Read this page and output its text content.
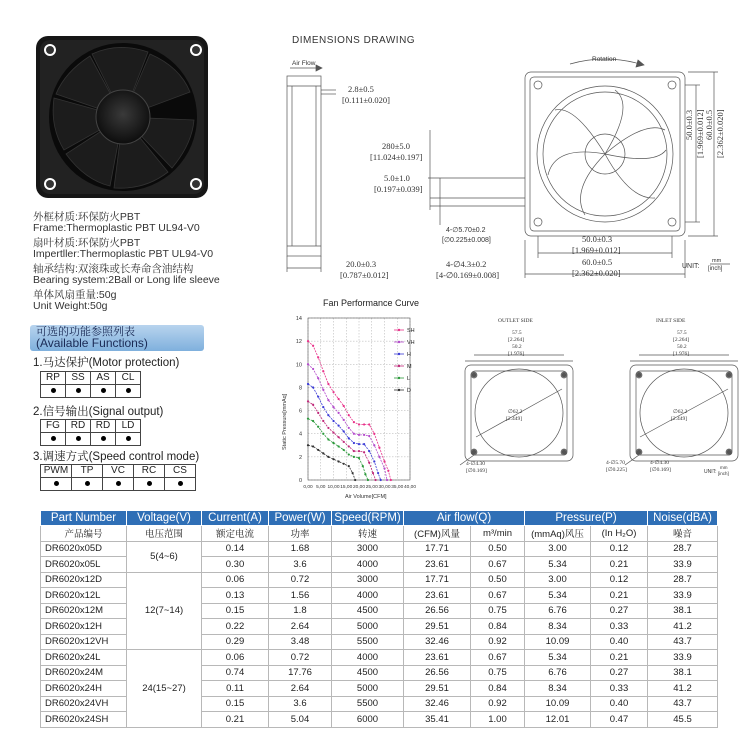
外框材质:环保防火PBT
Frame:Thermoplastic PBT UL94-V0
扇叶材质:环保防火PBT
Impertller:Thermoplastic PBT UL94-V0
轴承结构:双滚珠或长寿命含油结构
Bearing system:2Ball or Long life sleeve
单体风扇重量:50g
Unit Weight:50g
可选的功能参照列表
(Available Functions)
1.马达保护(Motor protection)
RP	SS	AS	CL

2.信号输出(Signal output)
FG	RD	RD	LD

3.调速方式(Speed control mode)
PWM	TP	VC	RC	CS

DIMENSIONS DRAWING
Air Flow
Rotation
2.8±0.5
[0.111±0.020]
280±5.0
[11.024±0.197]
5.0±1.0
[0.197±0.039]
20.0±0.3
[0.787±0.012]
4-∅5.70±0.2
[∅0.225±0.008]
4-∅4.3±0.2
[4-∅0.169±0.008]
50.0±0.3
[1.969±0.012]
60.0±0.5
[2.362±0.020]
50.0±0.3 [1.969±0.012] 60.0±0.5 [2.362±0.020]
UNIT:
mm
[inch]
Fan Performance Curve
0,00 5,00 10,00 15,00 20,00 25,00 30,00 35,00 40,00
0
2
4
6
8
10
12
14
SH
VH
H
M
L
D
Air Volume[CFM]
Static Pressure[mmAq]
OUTLET SIDE	INLET SIDE
57.5
[2.264]
50.2
[1.976]
∅62.2
[2.449]
4-∅4.30
[∅0.169]
57.5
[2.264]
50.2
[1.976]
∅62.2
[2.449]
4-∅5.70
[∅0.225]
4-∅4.30
[∅0.169]	UNIT:
mm
[inch]
Part Number	Voltage(V)	Current(A)	Power(W)	Speed(RPM)	Air flow(Q)		Pressure(P)		Noise(dBA)
产品编号	电压范围	额定电流	功率	转速	(CFM)风量	m³/min	(mmAq)风压	(In H₂O)	噪音
DR6020x05D	5(4~6)	0.14	1.68	3000	17.71	0.50	3.00	0.12	28.7
DR6020x05L		0.30	3.6	4000	23.61	0.67	5.34	0.21	33.9
DR6020x12D	12(7~14)	0.06	0.72	3000	17.71	0.50	3.00	0.12	28.7
DR6020x12L		0.13	1.56	4000	23.61	0.67	5.34	0.21	33.9
DR6020x12M		0.15	1.8	4500	26.56	0.75	6.76	0.27	38.1
DR6020x12H		0.22	2.64	5000	29.51	0.84	8.34	0.33	41.2
DR6020x12VH		0.29	3.48	5500	32.46	0.92	10.09	0.40	43.7
DR6020x24L	24(15~27)	0.06	0.72	4000	23.61	0.67	5.34	0.21	33.9
DR6020x24M		0.74	17.76	4500	26.56	0.75	6.76	0.27	38.1
DR6020x24H		0.11	2.64	5000	29.51	0.84	8.34	0.33	41.2
DR6020x24VH		0.15	3.6	5500	32.46	0.92	10.09	0.40	43.7
DR6020x24SH		0.21	5.04	6000	35.41	1.00	12.01	0.47	45.5
